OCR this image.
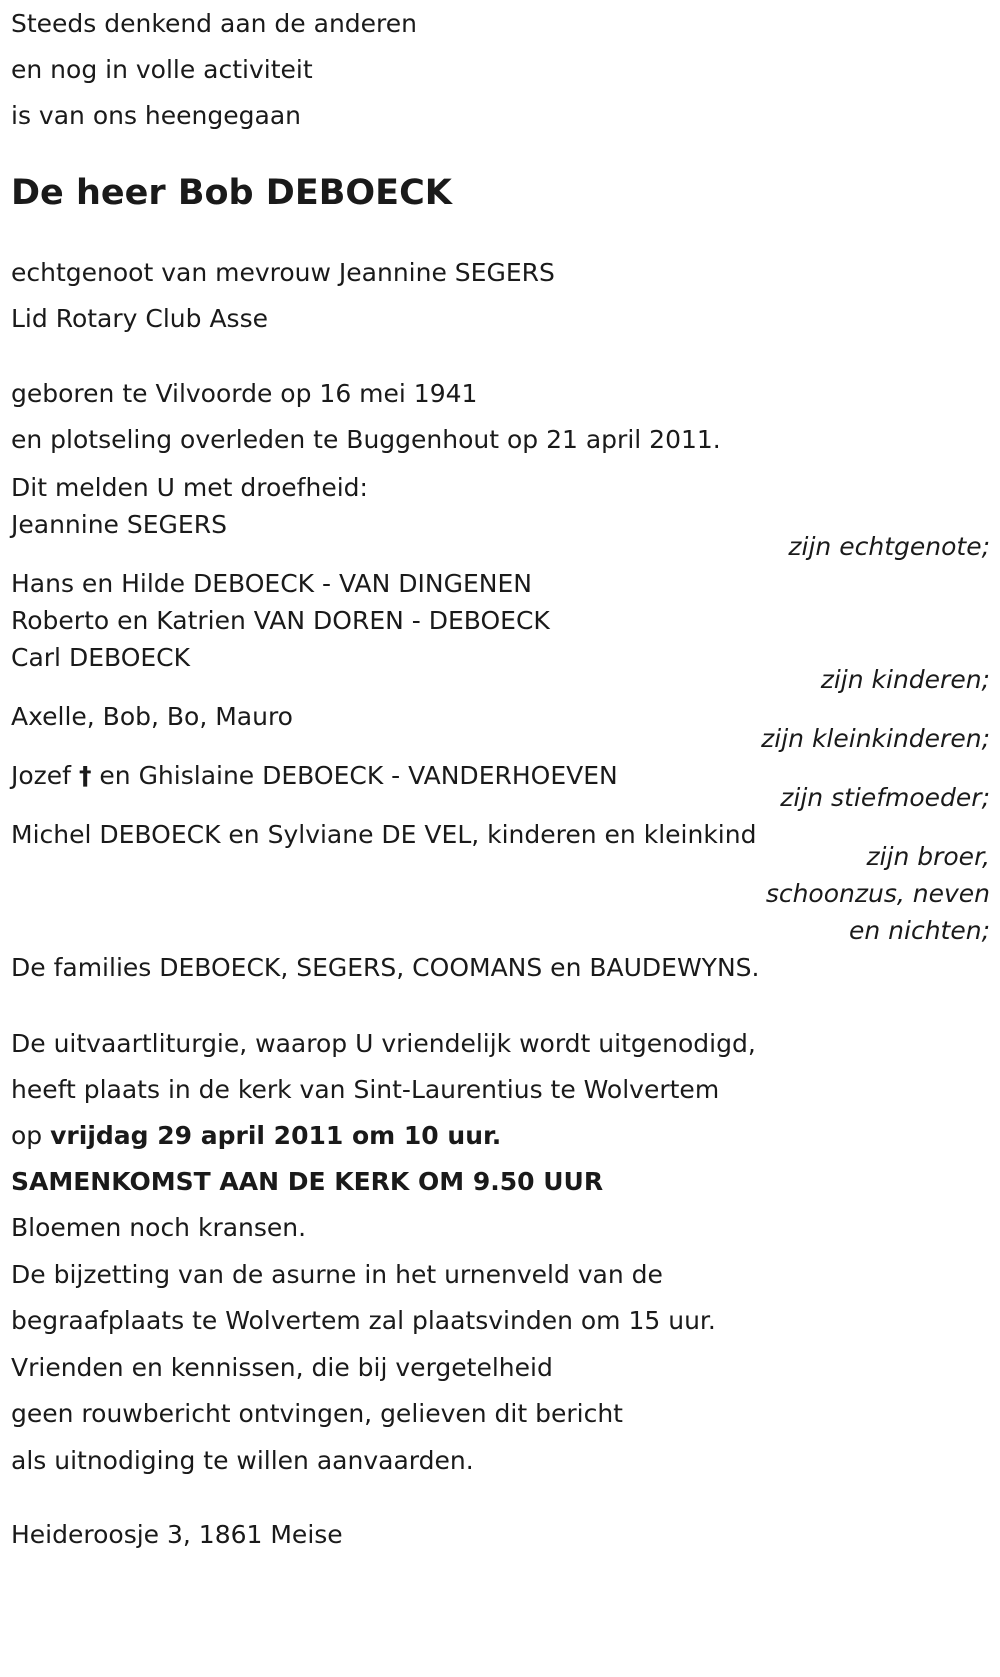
Steeds denkend aan de anderen
en nog in volle activiteit
is van ons heengegaan
De heer Bob DEBOECK
echtgenoot van mevrouw Jeannine SEGERS
Lid Rotary Club Asse
geboren te Vilvoorde op 16 mei 1941
en plotseling overleden te Buggenhout op 21 april 2011.
Dit melden U met droefheid:
Jeannine SEGERS
zijn echtgenote;
Hans en Hilde DEBOECK - VAN DINGENEN
Roberto en Katrien VAN DOREN - DEBOECK
Carl DEBOECK
zijn kinderen;
Axelle, Bob, Bo, Mauro
zijn kleinkinderen;
Jozef † en Ghislaine DEBOECK - VANDERHOEVEN
zijn stiefmoeder;
Michel DEBOECK en Sylviane DE VEL, kinderen en kleinkind
zijn broer,
schoonzus, neven
en nichten;
De families DEBOECK, SEGERS, COOMANS en BAUDEWYNS.
De uitvaartliturgie, waarop U vriendelijk wordt uitgenodigd,
heeft plaats in de kerk van Sint-Laurentius te Wolvertem
op vrijdag 29 april 2011 om 10 uur.
SAMENKOMST AAN DE KERK OM 9.50 UUR
Bloemen noch kransen.
De bijzetting van de asurne in het urnenveld van de
begraafplaats te Wolvertem zal plaatsvinden om 15 uur.
Vrienden en kennissen, die bij vergetelheid
geen rouwbericht ontvingen, gelieven dit bericht
als uitnodiging te willen aanvaarden.
Heideroosje 3, 1861 Meise
